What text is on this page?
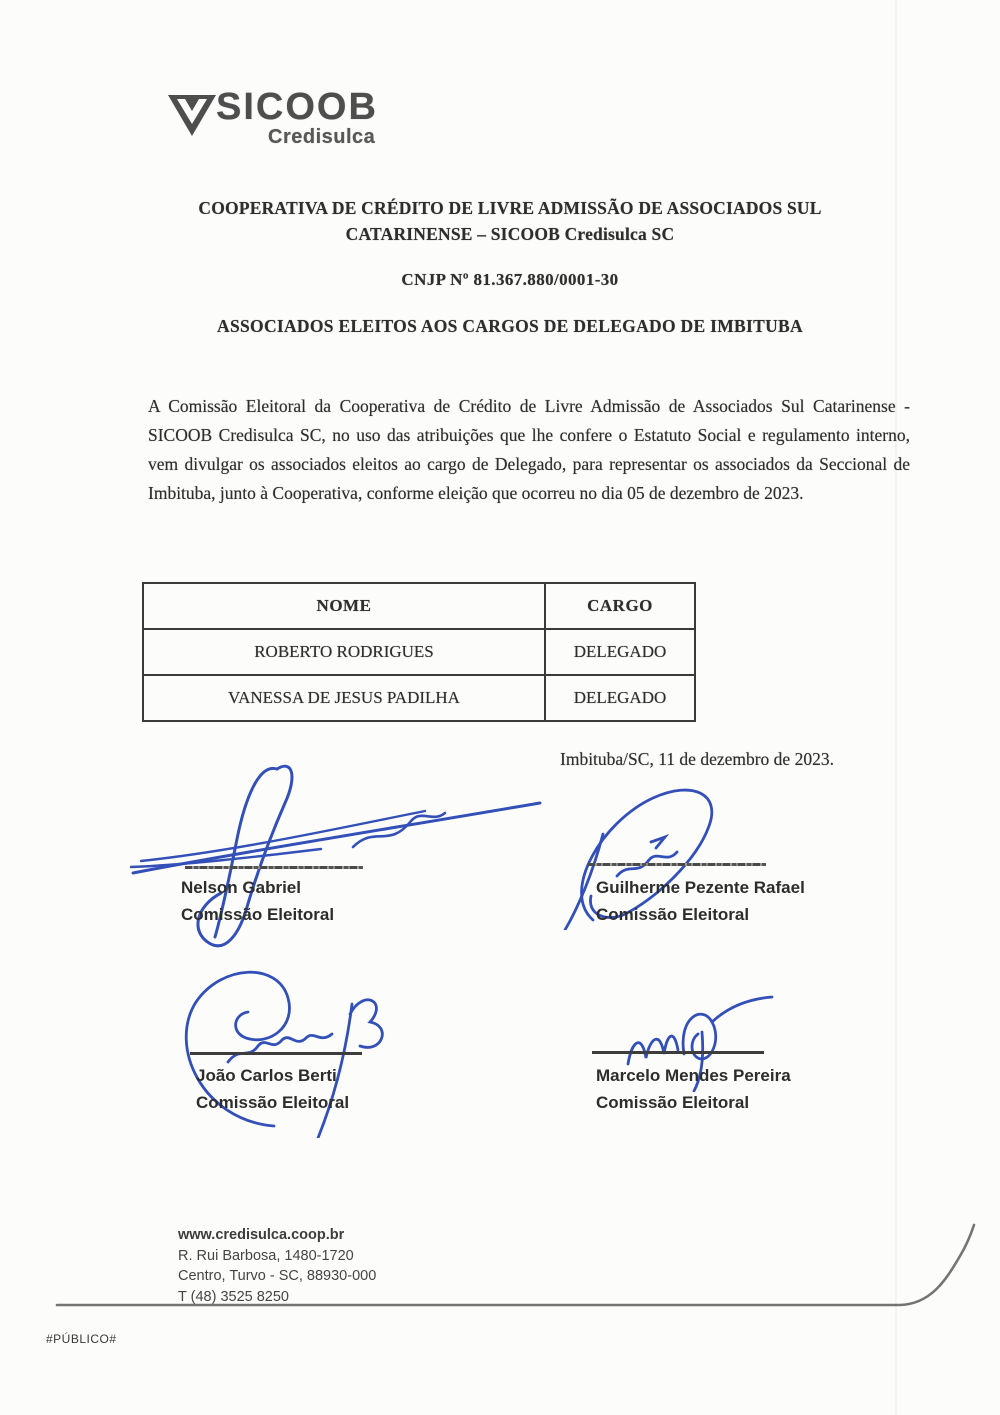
SICOOB
Credisulca
COOPERATIVA DE CRÉDITO DE LIVRE ADMISSÃO DE ASSOCIADOS SUL
CATARINENSE – SICOOB Credisulca SC
CNJP Nº 81.367.880/0001-30
ASSOCIADOS ELEITOS AOS CARGOS DE DELEGADO DE IMBITUBA
A Comissão Eleitoral da Cooperativa de Crédito de Livre Admissão de Associados Sul Catarinense - SICOOB Credisulca SC, no uso das atribuições que lhe confere o Estatuto Social e regulamento interno, vem divulgar os associados eleitos ao cargo de Delegado, para representar os associados da Seccional de Imbituba, junto à Cooperativa, conforme eleição que ocorreu no dia 05 de dezembro de 2023.
NOME	CARGO
ROBERTO RODRIGUES	DELEGADO
VANESSA DE JESUS PADILHA	DELEGADO
Imbituba/SC, 11 de dezembro de 2023.
Nelson Gabriel
Comissão Eleitoral
Guilherme Pezente Rafael
Comissão Eleitoral
João Carlos Berti
Comissão Eleitoral
Marcelo Mendes Pereira
Comissão Eleitoral
www.credisulca.coop.br
R. Rui Barbosa, 1480-1720
Centro, Turvo - SC, 88930-000
T (48) 3525 8250
#PÚBLICO#
